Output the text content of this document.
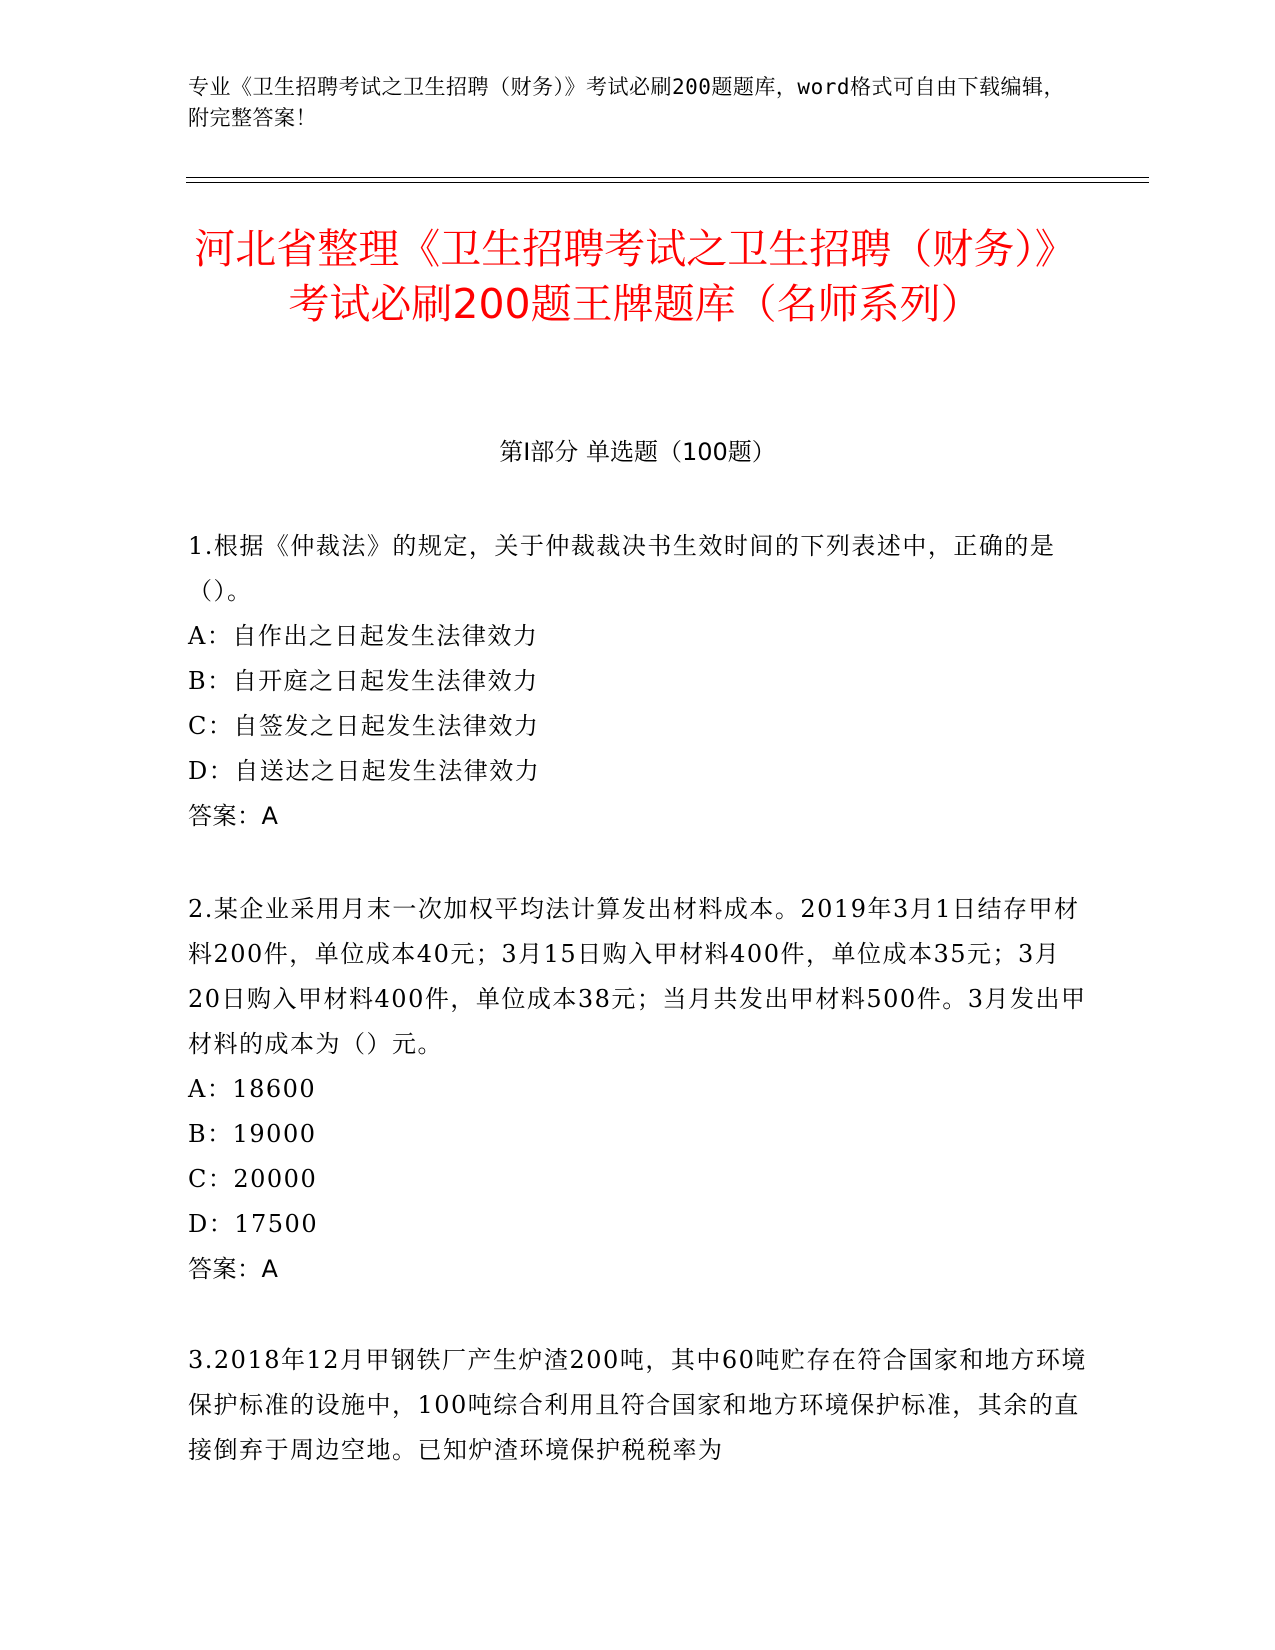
专业《卫生招聘考试之卫生招聘（财务）》考试必刷200题题库，word格式可自由下载编辑，附完整答案！
河北省整理《卫生招聘考试之卫生招聘（财务）》考试必刷200题王牌题库（名师系列）
第I部分 单选题（100题）
1.根据《仲裁法》的规定，关于仲裁裁决书生效时间的下列表述中，正确的是（）。
A：自作出之日起发生法律效力
B：自开庭之日起发生法律效力
C：自签发之日起发生法律效力
D：自送达之日起发生法律效力
答案：A
2.某企业采用月末一次加权平均法计算发出材料成本。2019年3月1日结存甲材料200件，单位成本40元；3月15日购入甲材料400件，单位成本35元；3月20日购入甲材料400件，单位成本38元；当月共发出甲材料500件。3月发出甲材料的成本为（）元。
A：18600
B：19000
C：20000
D：17500
答案：A
3.2018年12月甲钢铁厂产生炉渣200吨，其中60吨贮存在符合国家和地方环境保护标准的设施中，100吨综合利用且符合国家和地方环境保护标准，其余的直接倒弃于周边空地。已知炉渣环境保护税税率为
